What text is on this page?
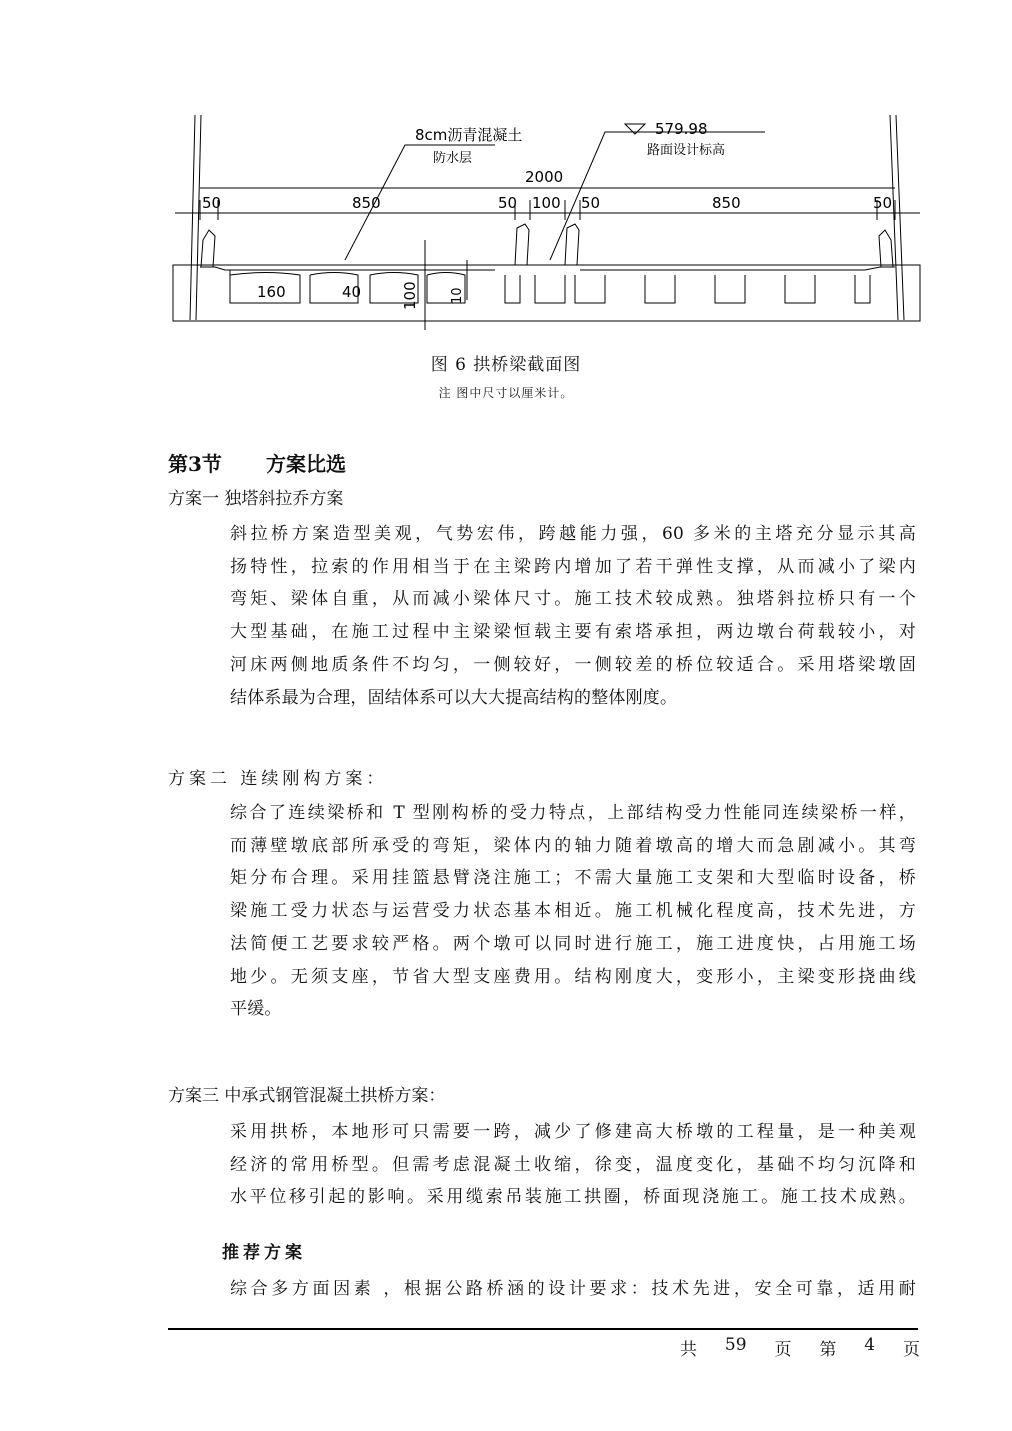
8cm沥青混凝土
防水层
579.98
路面设计标高
2000
50	850	50 100 50	850	50
160	40	100 10
图 6 拱桥梁截面图
注 图中尺寸以厘米计。
第3节 方案比选
方案一 独塔斜拉乔方案
斜拉桥方案造型美观，气势宏伟，跨越能力强，60 多米的主塔充分显示其高
扬特性，拉索的作用相当于在主梁跨内增加了若干弹性支撑，从而减小了梁内
弯矩、梁体自重，从而减小梁体尺寸。施工技术较成熟。独塔斜拉桥只有一个
大型基础，在施工过程中主梁梁恒载主要有索塔承担，两边墩台荷载较小，对
河床两侧地质条件不均匀，一侧较好，一侧较差的桥位较适合。采用塔梁墩固
结体系最为合理，固结体系可以大大提高结构的整体刚度。
方案二 连续刚构方案：
综合了连续梁桥和 T 型刚构桥的受力特点，上部结构受力性能同连续梁桥一样，
而薄壁墩底部所承受的弯矩，梁体内的轴力随着墩高的增大而急剧减小。其弯
矩分布合理。采用挂篮悬臂浇注施工；不需大量施工支架和大型临时设备，桥
梁施工受力状态与运营受力状态基本相近。施工机械化程度高，技术先进，方
法简便工艺要求较严格。两个墩可以同时进行施工，施工进度快，占用施工场
地少。无须支座，节省大型支座费用。结构刚度大，变形小，主梁变形挠曲线
平缓。
方案三 中承式钢管混凝土拱桥方案：
采用拱桥，本地形可只需要一跨，减少了修建高大桥墩的工程量，是一种美观
经济的常用桥型。但需考虑混凝土收缩，徐变，温度变化，基础不均匀沉降和
水平位移引起的影响。采用缆索吊装施工拱圈，桥面现浇施工。施工技术成熟。
推荐方案
综合多方面因素 ，根据公路桥涵的设计要求：技术先进，安全可靠，适用耐
共 59 页 第 4 页
